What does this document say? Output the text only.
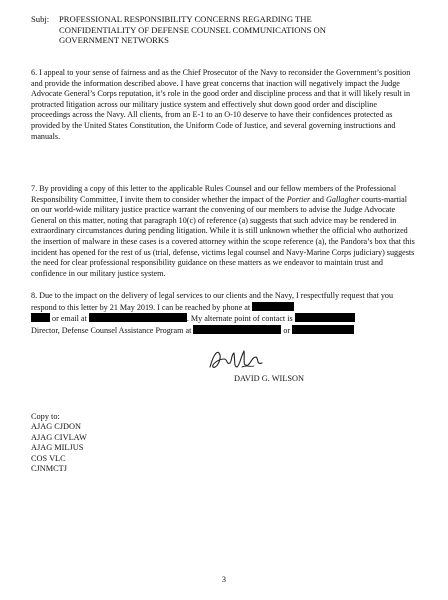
Subj: PROFESSIONAL RESPONSIBILITY CONCERNS REGARDING THE
CONFIDENTIALITY OF DEFENSE COUNSEL COMMUNICATIONS ON
GOVERNMENT NETWORKS
6. I appeal to your sense of fairness and as the Chief Prosecutor of the Navy to reconsider the Government’s position and provide the information described above. I have great concerns that inaction will negatively impact the Judge Advocate General’s Corps reputation, it’s role in the good order and discipline process and that it will likely result in protracted litigation across our military justice system and effectively shut down good order and discipline proceedings across the Navy. All clients, from an E-1 to an O-10 deserve to have their confidences protected as provided by the United States Constitution, the Uniform Code of Justice, and several governing instructions and manuals.
7. By providing a copy of this letter to the applicable Rules Counsel and our fellow members of the Professional Responsibility Committee, I invite them to consider whether the impact of the Portier and Gallagher courts-martial on our world-wide military justice practice warrant the convening of our members to advise the Judge Advocate General on this matter, noting that paragraph 10(c) of reference (a) suggests that such advice may be rendered in extraordinary circumstances during pending litigation. While it is still unknown whether the official who authorized the insertion of malware in these cases is a covered attorney within the scope reference (a), the Pandora’s box that this incident has opened for the rest of us (trial, defense, victims legal counsel and Navy-Marine Corps judiciary) suggests the need for clear professional responsibility guidance on these matters as we endeavor to maintain trust and confidence in our military justice system.
8. Due to the impact on the delivery of legal services to our clients and the Navy, I respectfully request that you respond to this letter by 21 May 2019. I can be reached by phone at
or email at	. My alternate point of contact is
Director, Defense Counsel Assistance Program at	or
DAVID G. WILSON
Copy to:
AJAG CJDON
AJAG CIVLAW
AJAG MILJUS
COS VLC
CJNMCTJ
3
